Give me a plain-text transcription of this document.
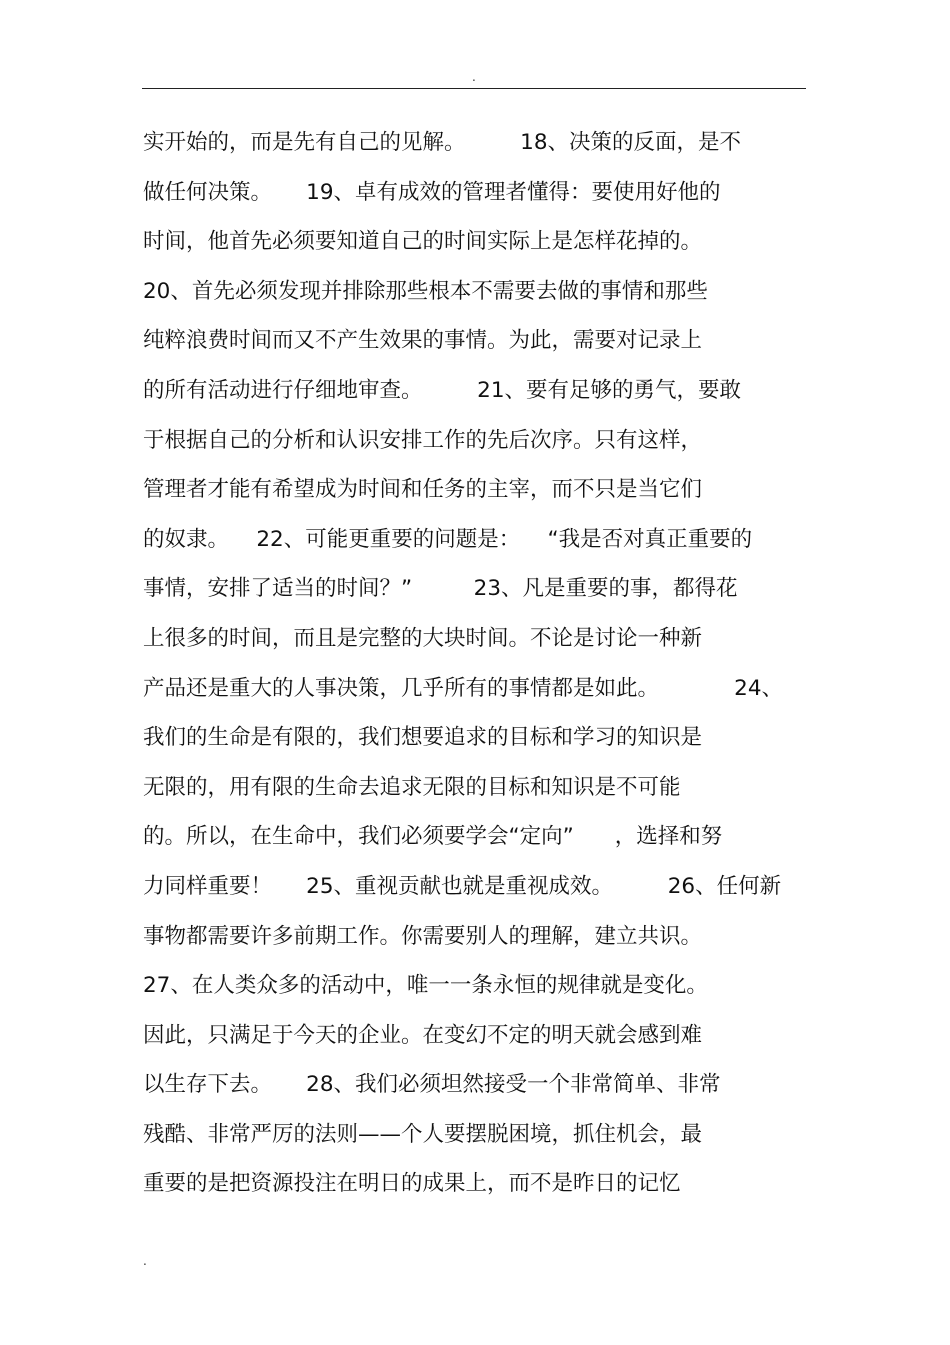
.
实开始的，而是先有自己的见解。        18、决策的反面，是不
做任何决策。     19、卓有成效的管理者懂得：要使用好他的
时间，他首先必须要知道自己的时间实际上是怎样花掉的。
20、首先必须发现并排除那些根本不需要去做的事情和那些
纯粹浪费时间而又不产生效果的事情。为此，需要对记录上
的所有活动进行仔细地审查。        21、要有足够的勇气，要敢
于根据自己的分析和认识安排工作的先后次序。只有这样，
管理者才能有希望成为时间和任务的主宰，而不只是当它们
的奴隶。    22、可能更重要的问题是：    “我是否对真正重要的
事情，安排了适当的时间？”         23、凡是重要的事，都得花
上很多的时间，而且是完整的大块时间。不论是讨论一种新
产品还是重大的人事决策，几乎所有的事情都是如此。           24、
我们的生命是有限的，我们想要追求的目标和学习的知识是
无限的，用有限的生命去追求无限的目标和知识是不可能
的。所以，在生命中，我们必须要学会“定向”      ，选择和努
力同样重要！     25、重视贡献也就是重视成效。        26、任何新
事物都需要许多前期工作。你需要别人的理解，建立共识。
27、在人类众多的活动中，唯一一条永恒的规律就是变化。
因此，只满足于今天的企业。在变幻不定的明天就会感到难
以生存下去。     28、我们必须坦然接受一个非常简单、非常
残酷、非常严厉的法则——个人要摆脱困境，抓住机会，最
重要的是把资源投注在明日的成果上，而不是昨日的记忆
.
